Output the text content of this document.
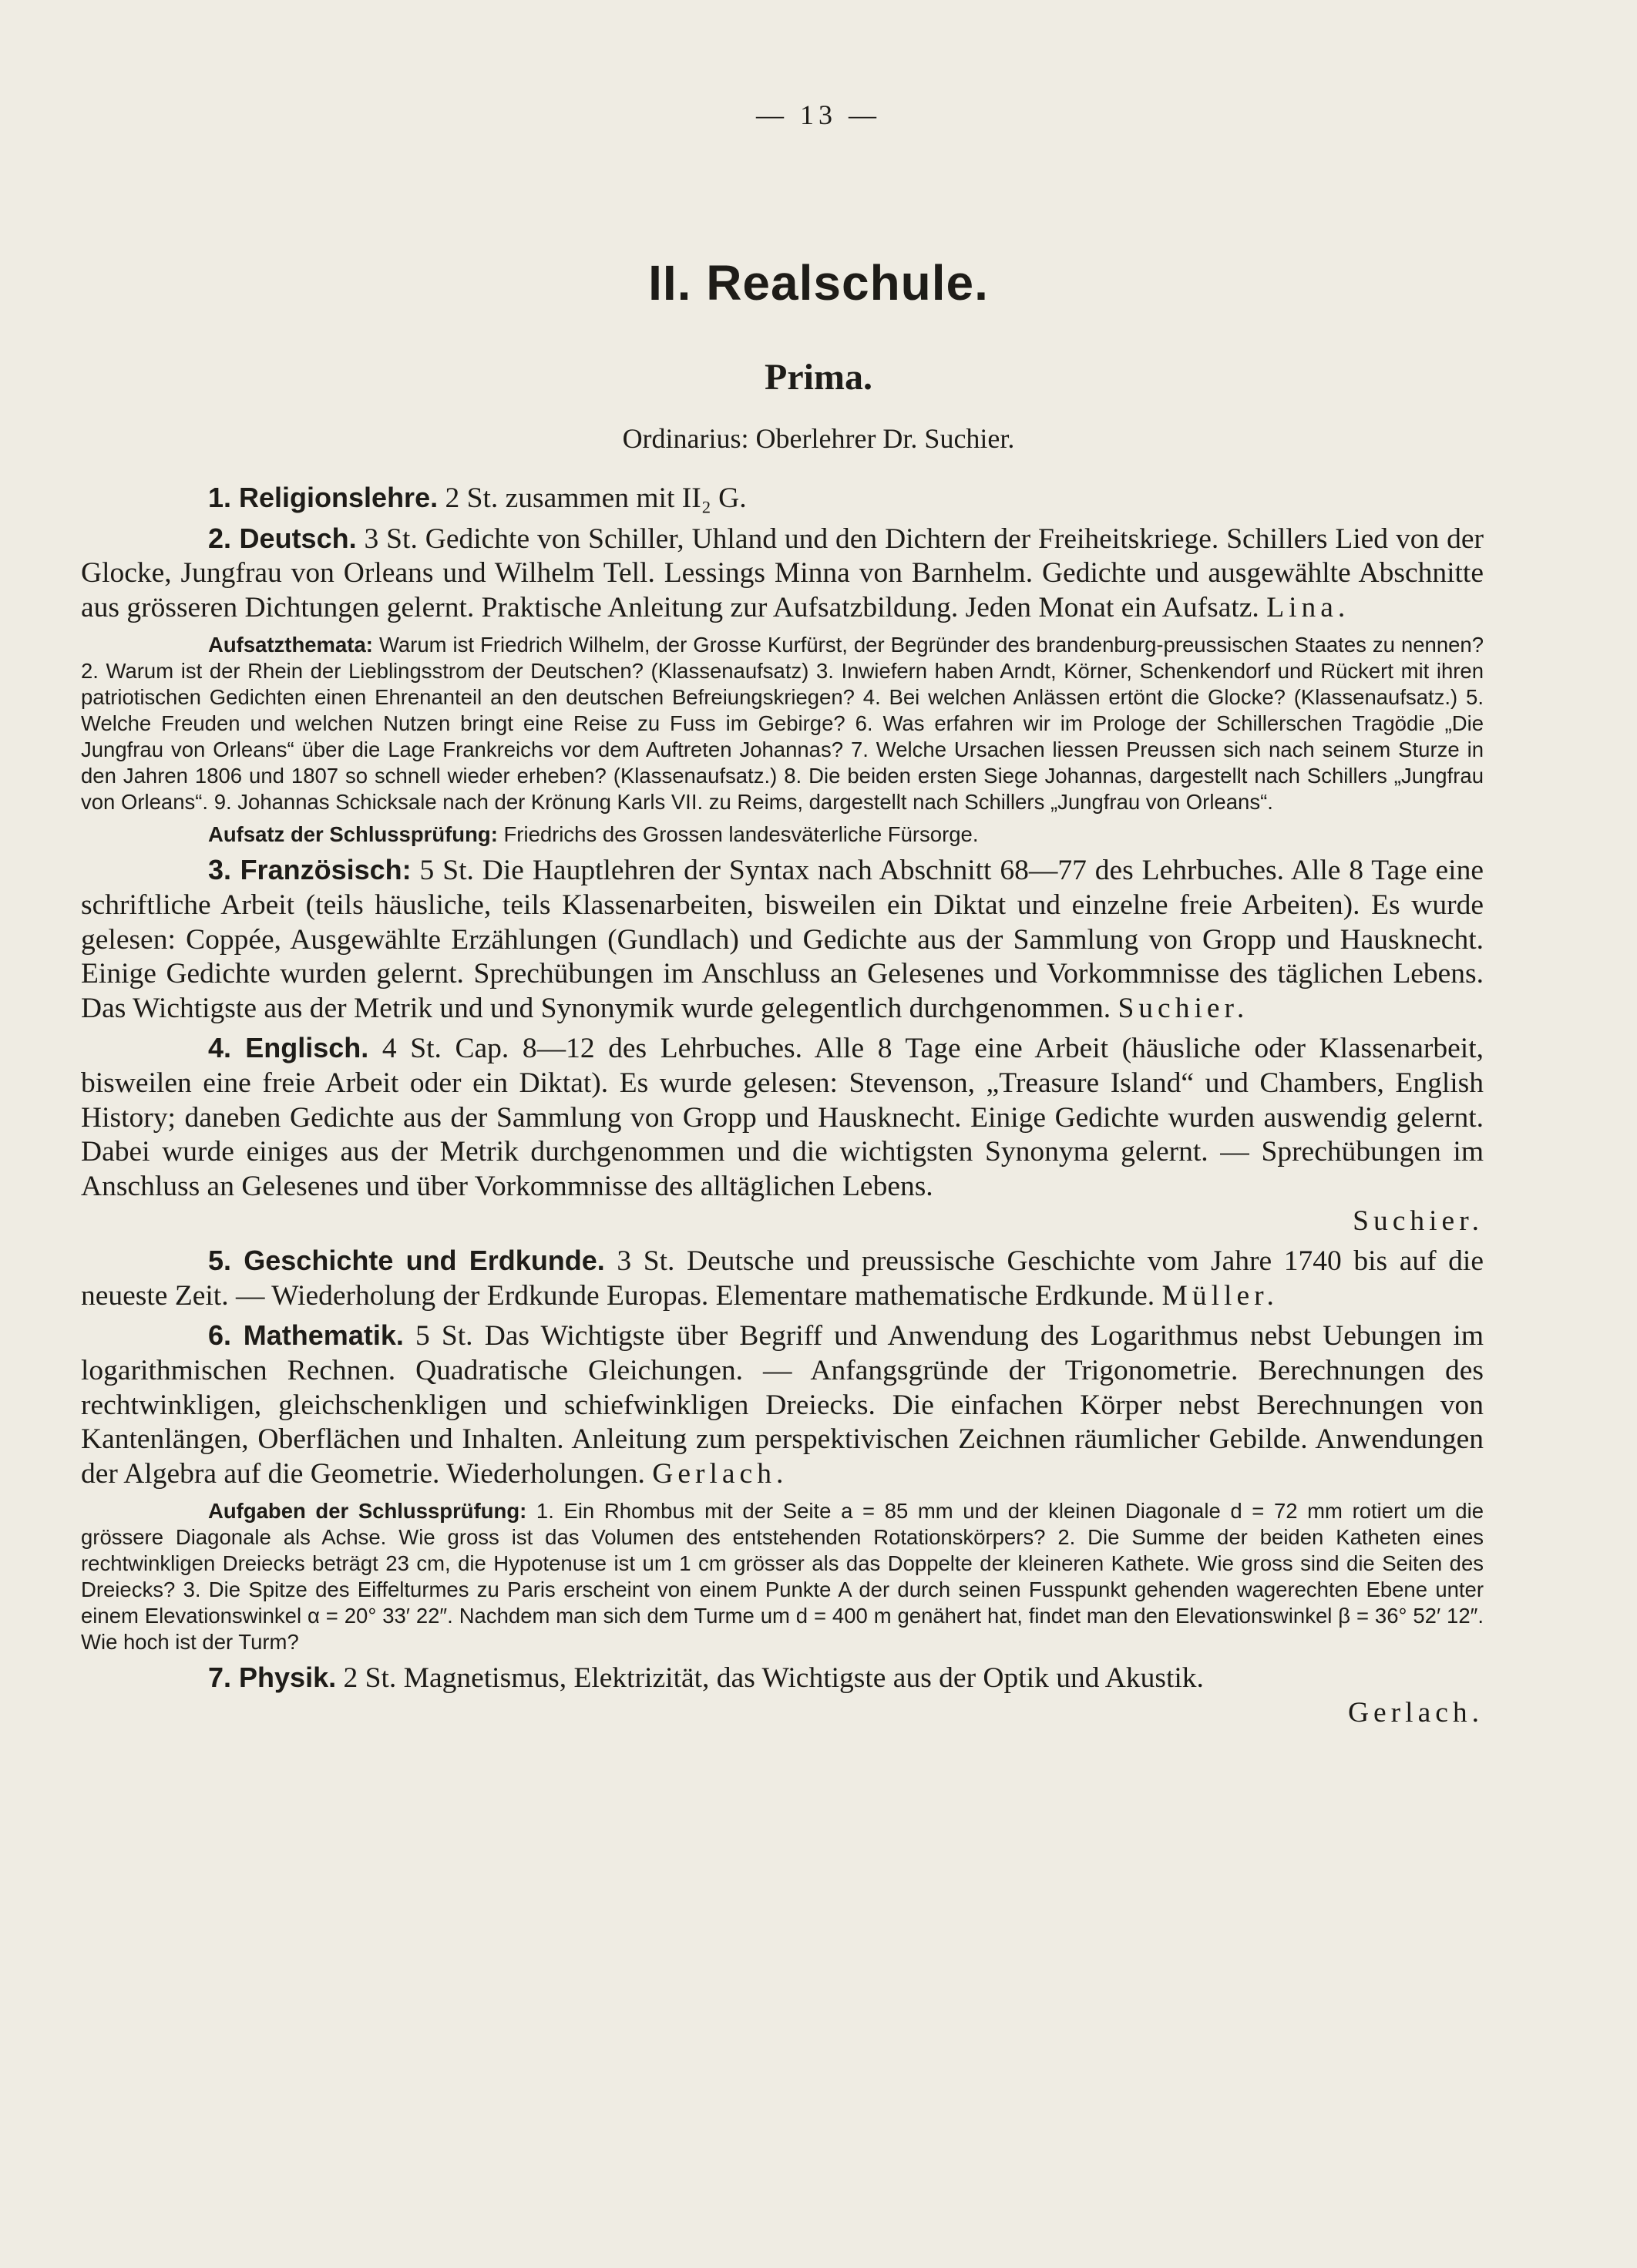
— 13 —
II. Realschule.
Prima.
Ordinarius: Oberlehrer Dr. Suchier.

1. Religionslehre. 2 St. zusammen mit II₂ G.

2. Deutsch. 3 St. Gedichte von Schiller, Uhland und den Dichtern der Freiheitskriege. Schillers Lied von der Glocke, Jungfrau von Orleans und Wilhelm Tell. Lessings Minna von Barnhelm. Gedichte und ausgewählte Abschnitte aus grösseren Dichtungen gelernt. Praktische Anleitung zur Aufsatzbildung. Jeden Monat ein Aufsatz. Lina.

Aufsatzthemata: Warum ist Friedrich Wilhelm, der Grosse Kurfürst, der Begründer des brandenburg-preussischen Staates zu nennen? 2. Warum ist der Rhein der Lieblingsstrom der Deutschen? (Klassenaufsatz) 3. Inwiefern haben Arndt, Körner, Schenkendorf und Rückert mit ihren patriotischen Gedichten einen Ehrenanteil an den deutschen Befreiungskriegen? 4. Bei welchen Anlässen ertönt die Glocke? (Klassenaufsatz.) 5. Welche Freuden und welchen Nutzen bringt eine Reise zu Fuss im Gebirge? 6. Was erfahren wir im Prologe der Schillerschen Tragödie „Die Jungfrau von Orleans“ über die Lage Frankreichs vor dem Auftreten Johannas? 7. Welche Ursachen liessen Preussen sich nach seinem Sturze in den Jahren 1806 und 1807 so schnell wieder erheben? (Klassenaufsatz.) 8. Die beiden ersten Siege Johannas, dargestellt nach Schillers „Jungfrau von Orleans“. 9. Johannas Schicksale nach der Krönung Karls VII. zu Reims, dargestellt nach Schillers „Jungfrau von Orleans“.

Aufsatz der Schlussprüfung: Friedrichs des Grossen landesväterliche Fürsorge.

3. Französisch: 5 St. Die Hauptlehren der Syntax nach Abschnitt 68—77 des Lehrbuches. Alle 8 Tage eine schriftliche Arbeit (teils häusliche, teils Klassenarbeiten, bisweilen ein Diktat und einzelne freie Arbeiten). Es wurde gelesen: Coppée, Ausgewählte Erzählungen (Gundlach) und Gedichte aus der Sammlung von Gropp und Hausknecht. Einige Gedichte wurden gelernt. Sprechübungen im Anschluss an Gelesenes und Vorkommnisse des täglichen Lebens. Das Wichtigste aus der Metrik und und Synonymik wurde gelegentlich durchgenommen. Suchier.

4. Englisch. 4 St. Cap. 8—12 des Lehrbuches. Alle 8 Tage eine Arbeit (häusliche oder Klassenarbeit, bisweilen eine freie Arbeit oder ein Diktat). Es wurde gelesen: Stevenson, „Treasure Island“ und Chambers, English History; daneben Gedichte aus der Sammlung von Gropp und Hausknecht. Einige Gedichte wurden auswendig gelernt. Dabei wurde einiges aus der Metrik durchgenommen und die wichtigsten Synonyma gelernt. — Sprechübungen im Anschluss an Gelesenes und über Vorkommnisse des alltäglichen Lebens.
Suchier.

5. Geschichte und Erdkunde. 3 St. Deutsche und preussische Geschichte vom Jahre 1740 bis auf die neueste Zeit. — Wiederholung der Erdkunde Europas. Elementare mathematische Erdkunde. Müller.

6. Mathematik. 5 St. Das Wichtigste über Begriff und Anwendung des Logarithmus nebst Uebungen im logarithmischen Rechnen. Quadratische Gleichungen. — Anfangsgründe der Trigonometrie. Berechnungen des rechtwinkligen, gleichschenkligen und schiefwinkligen Dreiecks. Die einfachen Körper nebst Berechnungen von Kantenlängen, Oberflächen und Inhalten. Anleitung zum perspektivischen Zeichnen räumlicher Gebilde. Anwendungen der Algebra auf die Geometrie. Wiederholungen. Gerlach.

Aufgaben der Schlussprüfung: 1. Ein Rhombus mit der Seite a = 85 mm und der kleinen Diagonale d = 72 mm rotiert um die grössere Diagonale als Achse. Wie gross ist das Volumen des entstehenden Rotationskörpers? 2. Die Summe der beiden Katheten eines rechtwinkligen Dreiecks beträgt 23 cm, die Hypotenuse ist um 1 cm grösser als das Doppelte der kleineren Kathete. Wie gross sind die Seiten des Dreiecks? 3. Die Spitze des Eiffelturmes zu Paris erscheint von einem Punkte A der durch seinen Fusspunkt gehenden wagerechten Ebene unter einem Elevationswinkel α = 20° 33′ 22″. Nachdem man sich dem Turme um d = 400 m genähert hat, findet man den Elevationswinkel β = 36° 52′ 12″. Wie hoch ist der Turm?

7. Physik. 2 St. Magnetismus, Elektrizität, das Wichtigste aus der Optik und Akustik.
Gerlach.
